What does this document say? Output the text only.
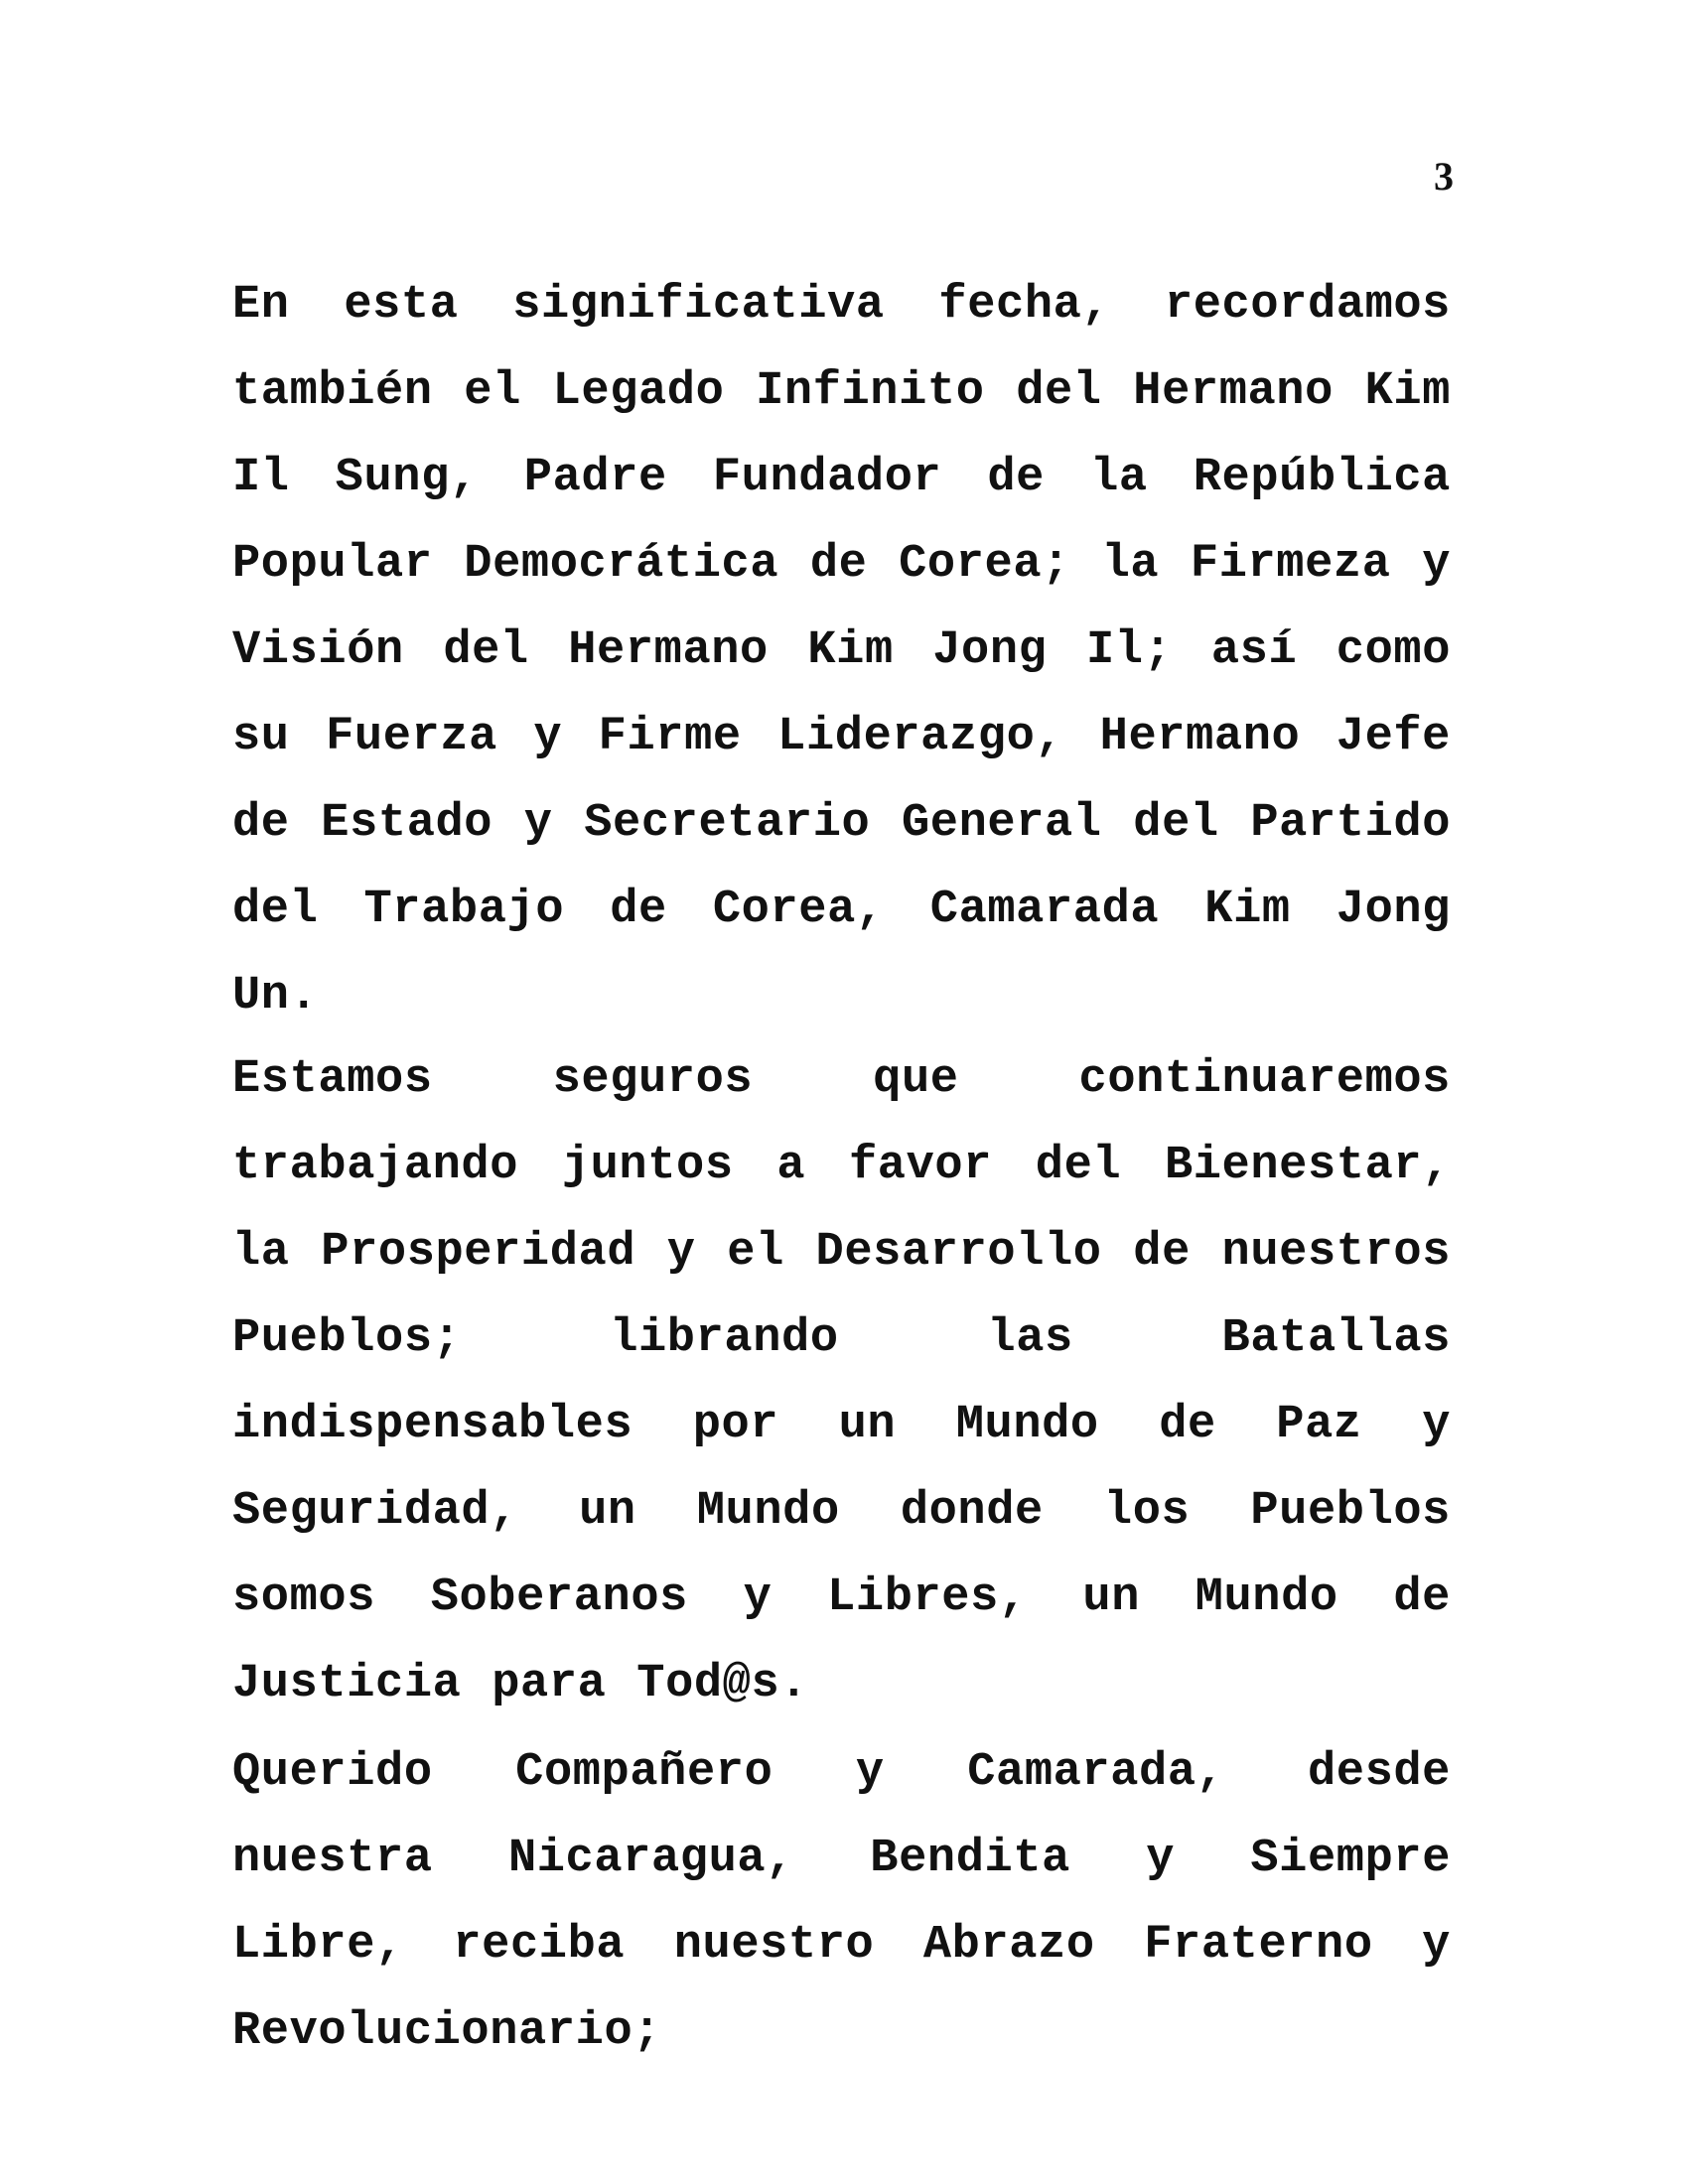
3

En esta significativa fecha, recordamos también el Legado Infinito del Hermano Kim Il Sung, Padre Fundador de la República Popular Democrática de Corea; la Firmeza y Visión del Hermano Kim Jong Il; así como su Fuerza y Firme Liderazgo, Hermano Jefe de Estado y Secretario General del Partido del Trabajo de Corea, Camarada Kim Jong Un.

Estamos seguros que continuaremos trabajando juntos a favor del Bienestar, la Prosperidad y el Desarrollo de nuestros Pueblos; librando las Batallas indispensables por un Mundo de Paz y Seguridad, un Mundo donde los Pueblos somos Soberanos y Libres, un Mundo de Justicia para Tod@s.

Querido Compañero y Camarada, desde nuestra Nicaragua, Bendita y Siempre Libre, reciba nuestro Abrazo Fraterno y Revolucionario;
